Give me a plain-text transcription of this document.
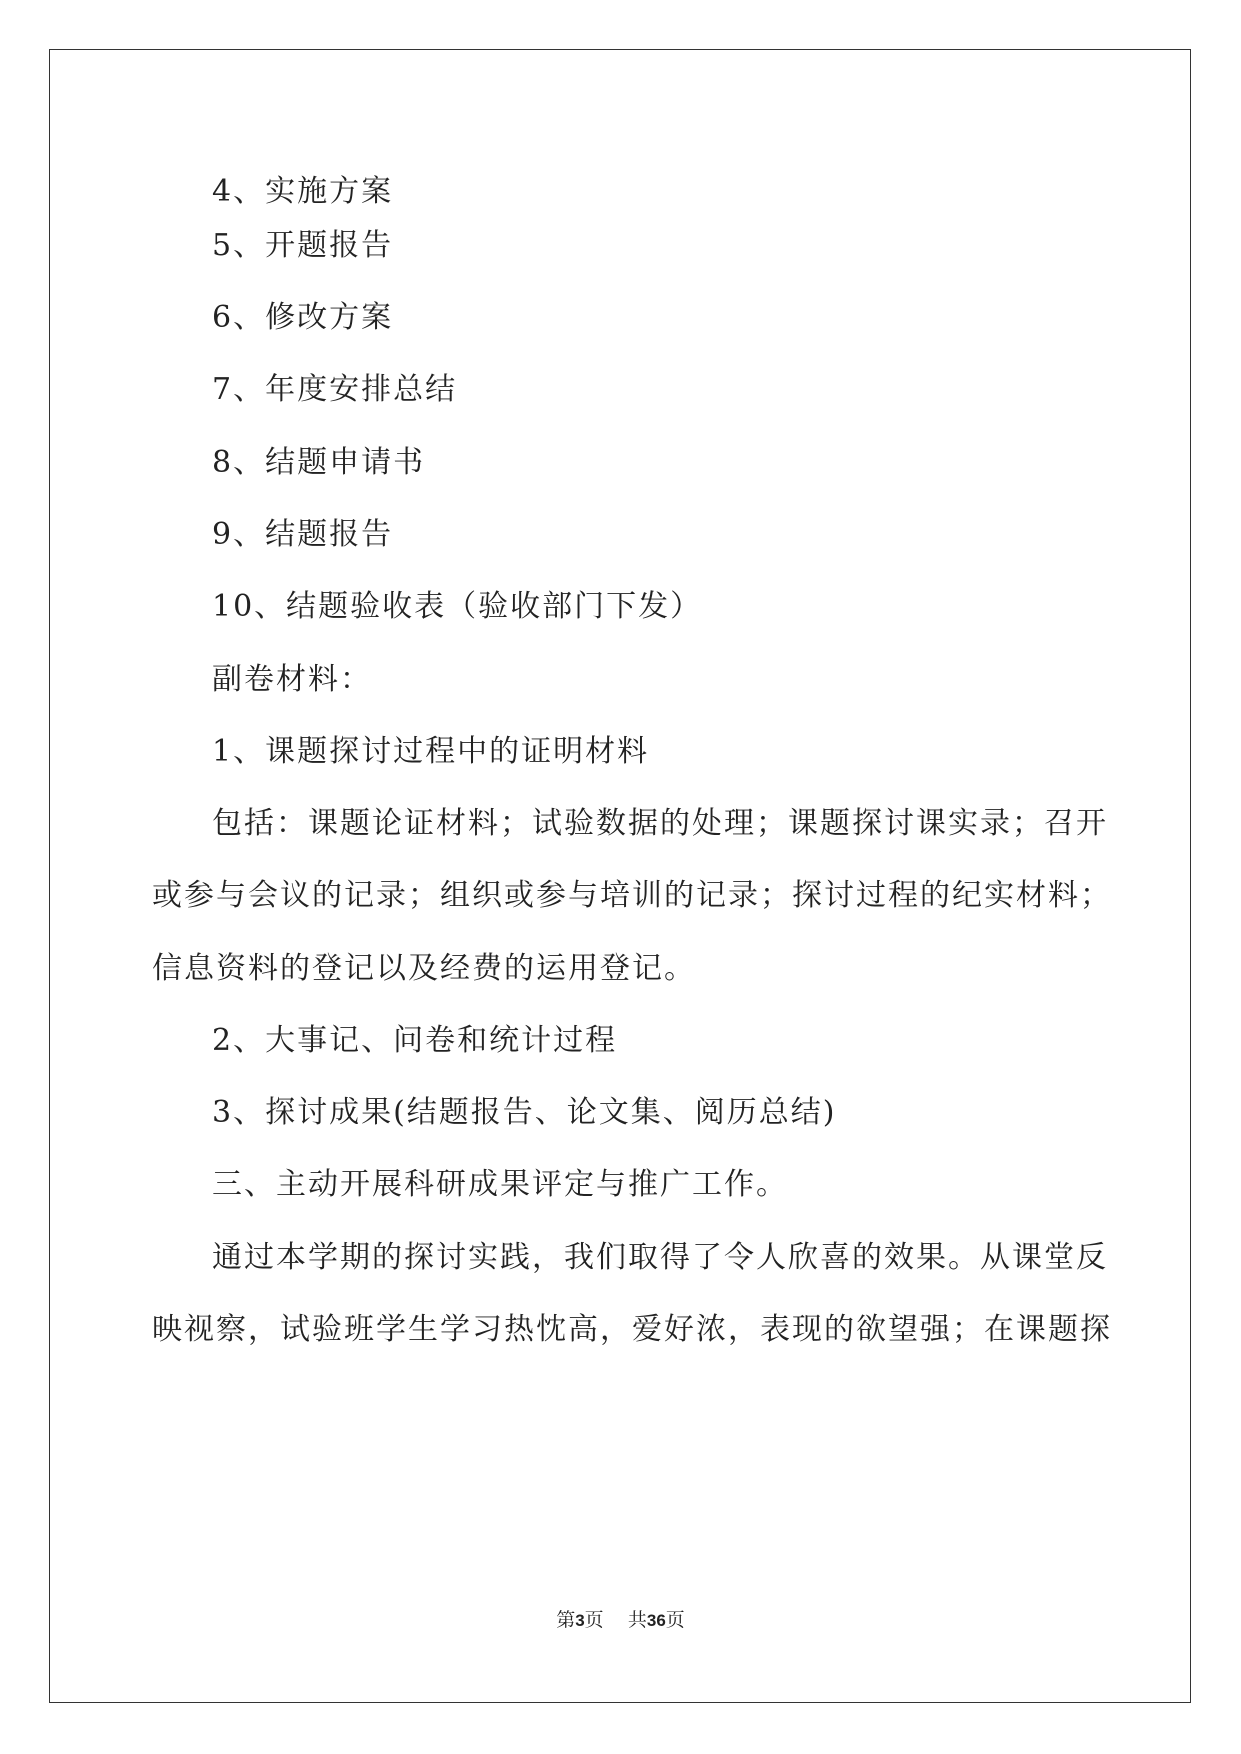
4、实施方案
5、开题报告
6、修改方案
7、年度安排总结
8、结题申请书
9、结题报告
10、结题验收表（验收部门下发）
副卷材料：
1、课题探讨过程中的证明材料
包括：课题论证材料；试验数据的处理；课题探讨课实录；召开
或参与会议的记录；组织或参与培训的记录；探讨过程的纪实材料；
信息资料的登记以及经费的运用登记。
2、大事记、问卷和统计过程
3、探讨成果(结题报告、论文集、阅历总结)
三、主动开展科研成果评定与推广工作。
通过本学期的探讨实践，我们取得了令人欣喜的效果。从课堂反
映视察，试验班学生学习热忱高，爱好浓，表现的欲望强；在课题探
第3页 共36页
